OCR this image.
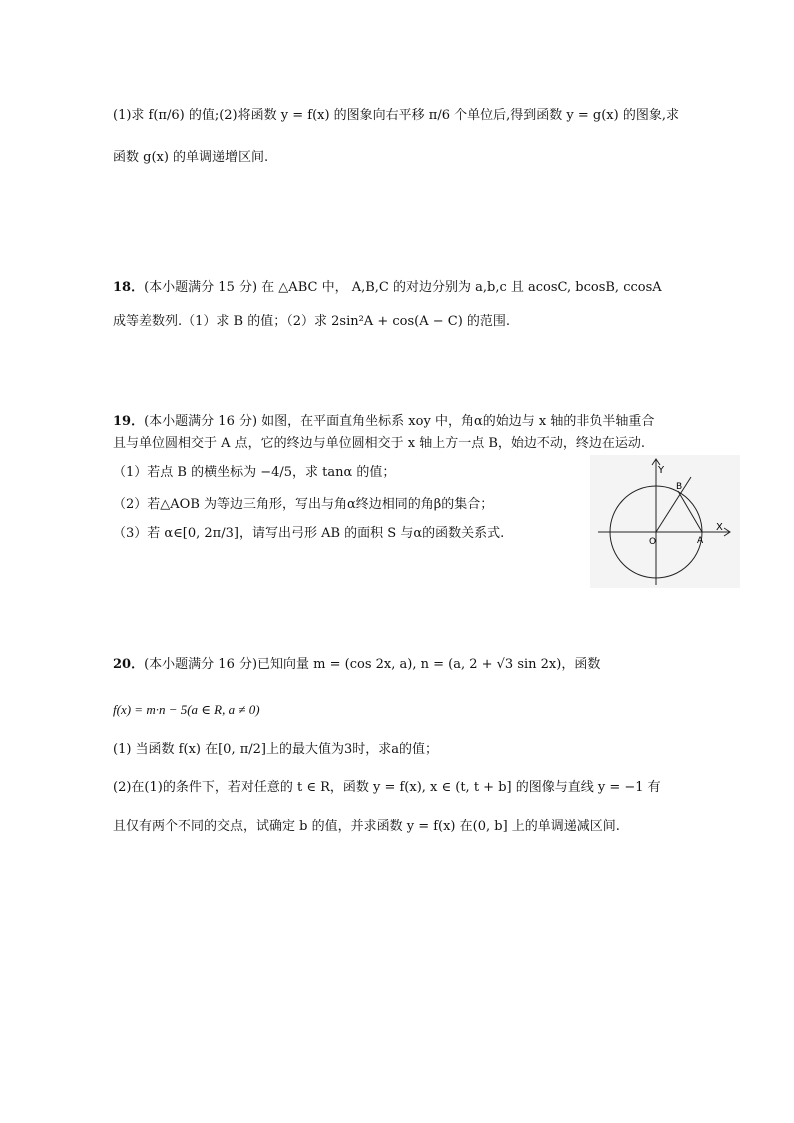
(1)求 f(π/6) 的值;(2)将函数 y = f(x) 的图象向右平移 π/6 个单位后,得到函数 y = g(x) 的图象,求
函数 g(x) 的单调递增区间.
18．(本小题满分 15 分) 在 △ABC 中， A,B,C 的对边分别为 a,b,c 且 acosC, bcosB, ccosA
成等差数列.（1）求 B 的值；（2）求 2sin²A + cos(A − C) 的范围.
19．(本小题满分 16 分) 如图，在平面直角坐标系 xoy 中，角α的始边与 x 轴的非负半轴重合
且与单位圆相交于 A 点，它的终边与单位圆相交于 x 轴上方一点 B，始边不动，终边在运动.
（1）若点 B 的横坐标为 −4/5，求 tanα 的值；
（2）若△AOB 为等边三角形，写出与角α终边相同的角β的集合；
（3）若 α∈[0, 2π/3]，请写出弓形 AB 的面积 S 与α的函数关系式.
Y
X
O	A
B
20．(本小题满分 16 分)已知向量 m = (cos 2x, a), n = (a, 2 + √3 sin 2x)，函数
f(x) = m·n − 5(a ∈ R, a ≠ 0)
(1) 当函数 f(x) 在[0, π/2]上的最大值为3时，求a的值；
(2)在(1)的条件下，若对任意的 t ∈ R，函数 y = f(x), x ∈ (t, t + b] 的图像与直线 y = −1 有
且仅有两个不同的交点，试确定 b 的值，并求函数 y = f(x) 在(0, b] 上的单调递减区间.
